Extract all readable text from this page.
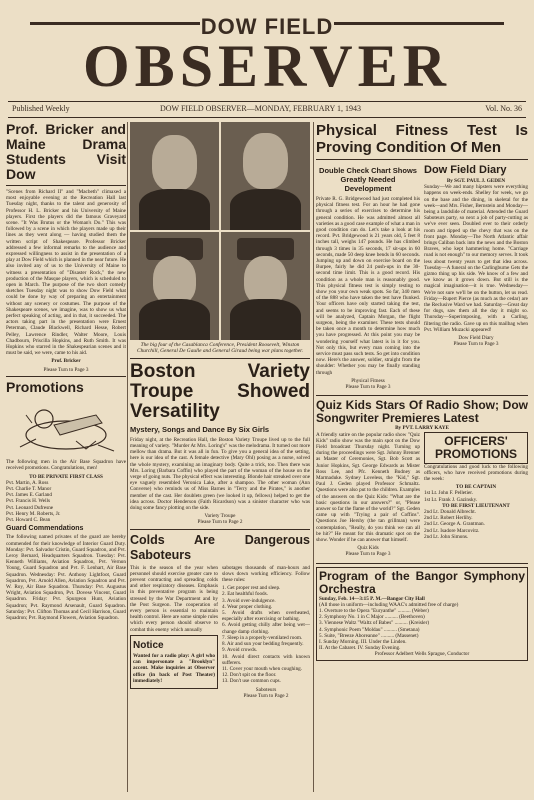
DOW FIELD
OBSERVER
Published Weekly	DOW FIELD OBSERVER—MONDAY, FEBRUARY 1, 1943	Vol. No. 36
Prof. Bricker and Maine Drama Students Visit Dow

"Scenes from Richard II" and "Macbeth" climaxed a most enjoyable evening at the Recreation Hall last Tuesday night, thanks to the talent and generosity of Professor H. L. Bricker and his University of Maine players. First the players did the famous Graveyard scene. "It Was Brutus or the Woman's Do." This was followed by a scene in which the players made up their lines as they went along — having studied them the written script of Shakespeare. Professor Bricker addressed a few informal remarks to the audience and expressed willingness to assist in the presentation of a play at Dow Field which is planned in the near future. He also invited any of us to the University of Maine to witness a presentation of "Disaster Rock," the new production of the Masque players, which is scheduled to open in March. The purpose of the two short comedy sketches Tuesday night was to show Dow Field what could be done by way of preparing an entertainment without any scenery or costumes. The purpose of the Shakespeare scenes, we imagine, was to show us what perfect speaking of acting, and in that, it succeeded. The actors taking part in the presentation were Ernest Peterman, Claude Blackwell, Richard Hesse, Robert Pelley, Lawrence Rindler, Walter Moore, Louis Chadbourn, Priscilla Hopkins, and Ruth Smith. It was Hopkins who starred in the Shakespearian scenes and it must be said, we were, came to his aid.

Prof. Bricker
Please Turn to Page 3
Promotions

The following men in the Air Base Squadron have received promotions. Congratulations, men!

TO BE PRIVATE FIRST CLASS
Pvt. Martin, A. Ross
Pvt. Charlie T. Manor
Pvt. James E. Garland
Pvt. Francis H. Wells
Pvt. Leonard Dufresne
Pvt. Henry M. Roberts, Jr.
Pvt. Howard C. Bean
Guard Commendations

The following named privates of the guard are hereby commended for their knowledge of Interior Guard Duty. Monday: Pvt. Salvador Cristin, Guard Squadron, and Pvt. Leroy Bernard, Headquarters Squadron. Tuesday: Pvt. Kenneth Williams, Aviation Squadron, Pvt. Vernon Young, Guard Squadron and Pvt. F. Lenhart, Air Base Squadron. Wednesday: Pvt. Anthony Lightfoot, Guard Squadron, Pvt. Arnold Allen, Aviation Squadron and Pvt. W. Roy, Air Base Squadron. Thursday: Pvt. Augustus Wright, Aviation Squadron, Pvt. Dovese Vincent, Guard Squadron. Friday: Pvt. Spurgeon Hunt, Aviation Squadron; Pvt. Raymond Arsenault, Guard Squadron. Saturday: Pvt. Clifton Thomas and Cecil Harrison, Guard Squadron; Pvt. Raymond Flowers, Aviation Squadron.

The big four of the Casablanca Conference, President Roosevelt, Winston Churchill, General De Gaulle and General Giraud being war plans together.
Boston Variety Troupe Showed Versatility
Mystery, Songs and Dance By Six Girls

Friday night, at the Recreation Hall, the Boston Variety Troupe lived up to the full meaning of variety. "Murder At Mrs. Loring's" was the melodrama. It turned out more mellow than drama. But it was all in fun. To give you a general idea of the setting, here is our idea of the cast. A female detective (Mary Ohl) posing as a nurse, solved the whole mystery, examining an imaginary body. Quite a trick, too. Then there was Mrs. Loring (Barbara Coffin) who played the part of the woman of the house on the verge of going nuts. The physical effect was interesting. Blonde hair streaked over one eye vaguely resembled Veronica Lake, after a shampoo. The other woman (Ann Converse) who reminds us of Miss Barnes in "Terry and the Pirates," is another member of the cast. Her doublets green (we looked it up, fellows) helped to get the idea across. Doctor Henderson (Faith Ricardson) was a sinister character who was doing some fancy plotting on the side.

Variety Troupe
Please Turn to Page 2
Colds Are Dangerous Saboteurs

This is the season of the year when personnel should exercise greater care to prevent contracting and spreading colds and other respiratory diseases. Emphasis in this preventative program is being stressed by the War Department and by the Post Surgeon. The cooperation of every person is essential to maintain health control. Here are some simple rules which every person should observe to combat this enemy which annually

Notice

Wanted for a radio play: A girl who can impersonate a "Brooklyn" accent. Make inquiries at Observer office (in back of Post Theater) immediately!

sabotages thousands of man-hours and slows down working efficiency. Follow these rules:

1. Get proper rest and sleep.
2. Eat healthful foods.
3. Avoid over-indulgence.
4. Wear proper clothing.
5. Avoid drafts when overheated, especially after exercising or bathing.
6. Avoid getting chilly after being wet—change damp clothing.
7. Sleep in a properly-ventilated room.
8. Air and sun your bedding frequently.
9. Avoid crowds.
10. Avoid direct contacts with known sufferers.
11. Cover your mouth when coughing.
12. Don't spit on the floor.
13. Don't use common cups.
Saboteurs
Please Turn to Page 2
Physical Fitness Test Is Proving Condition Of Men
Double Check Chart Shows Greatly Needed Development

Private R. G. Bridgewood had just completed his physical fitness test. For an hour he had gone through a series of exercises to determine his general condition. He was admitted almost all varieties as a good case example of what a man in good condition can do. Let's take a look at his record. Pvt. Bridgewood is 21 years old, 5 feet 8 inches tall, weighs 147 pounds. He has climbed through 3 times in 35 seconds, 17 sit-ups in 60 seconds, made 50 deep knee bends in 60 seconds. Jumping up and down on exercise board on the Burpee, fairly he did 24 push-ups in the 30-second time limit. This is a good record. His condition as a whole man is reasonably good. This physical fitness test is simply testing to show you your own weak spots. So far, 340 men of the 888 who have taken the test have flunked. Your officers have only started taking the test, and seems to be improving fast. Each of these will be analyzed, Captain Morgan, the flight surgeon, being the examiner. These tests should be taken once a month to determine how much you have progressed. At this point you may be wondering yourself what latest is in it for you. Not only this, but every man coming into the service must pass such tests. So get into condition now. Here's the answer, soldier, straight from the shoulder: Whether you may be finally standing through

Physical Fitness
Please Turn to Page 3
Dow Field Diary
By SGT. PAUL J. GEDEN

Sunday—We and many hipsters were everything happens on week-ends. Shelley for week, we go on the base and the dining, in skeletal for the week—and Mrs. Fisher, Bernstein and Monday—being a landslide of material. Attended the Guard Saboteurs party, so next a job of party-cutting as we've ever seen. Doubled ever to their orderly room and tipped up the chevy that was on the front page. Monday—The North Atlantic affair brings Caliban back into the news and the Boston Braves, who kept hammering home. "Carriage road is not enough" to our memory serves. It took less about twenty years to get that idea across. Tuesday—A funeral on the Carlingburne Gets the gizmo thing up his side. We know of a few and we know as it grows down. But still is the magical imagination—it is true. Wednesday—We're not sure we'll be on the button, let us read. Friday—Rupert Pierce (as much as the cedar) are the Reclusive Ward we had. Saturday—Great day for dogs, saw them all the day it might so. Thursday—Superimposing, with a Carling, filtering the radio. Gave up on this mailbag when Pvt. William Muzacki appeared!

Dow Field Diary
Please Turn to Page 3
Quiz Kids Stars Of Radio Show; Dow Songwriter Premieres Latest
By PVT. LARRY KAYE

A friendly satire on the popular radio show "Quiz Kids" radio show was the main spot on the Dow Field broadcast Thursday night. Turning up during the proceedings were Sgt. Johnny Brenner as Master of Ceremonies, Sgt. Bob Scott as Junior Hopkins, Sgt. George Edwards as Mister Ross Lee, and Pfc. Kenneth Budney as Marmaduke. Sydney Loveless, the "Kid," Sgt. Paul J. Geden played Professor Schmaltz. Questions were also put to the children. Examples of the answers on the Quiz Kids: "What are the basic questions in our answers?" or, "Please answer so far the flame of the world?" Sgt. Geden came up with "Trying a pair of Coffins". Questions Joe Hershy (the tan grillman) were contemplation, "Really, do you think we can all be hit?" He meant for this dramatic spot on the show. Wonder if he can answer that himself.

Quiz Kids
Please Turn to Page 3
OFFICERS' PROMOTIONS

Congratulations and good luck to the following officers, who have received promotions during the week:

TO BE CAPTAIN
1st Lt. John F. Pelletier.
1st Lt. Frank J. Gazinsky.
TO BE FIRST LIEUTENANT
2nd Lt. Donald Albrecht.
2nd Lt. Robert Herlihy.
2nd Lt. George A. Grantman.
2nd Lt. Isadore Marcovitz.
2nd Lt. John Simons.
Program of the Bangor Symphony Orchestra
Sunday, Feb. 14—3:15 P. M.—Bangor City Hall
(All those in uniform—including WAAC's admitted free of charge)
1. Overture to the Opera "Euryanthe" .......... (Weber)
2. Symphony No. 1 in C Major .......... (Beethoven)
3. Viennese Waltz "Waltz of Babes" .......... (Kreisler)
4. Symphonic Poem "Moldau" .......... (Smetana)
5. Suite, "Breeze Aboreanne" .......... (Massenet)
I. Sunday Morning. III. Under the Linden.
II. At the Cabaret. IV. Sunday Evening.
Professor Adelbert Wells Sprague, Conductor
